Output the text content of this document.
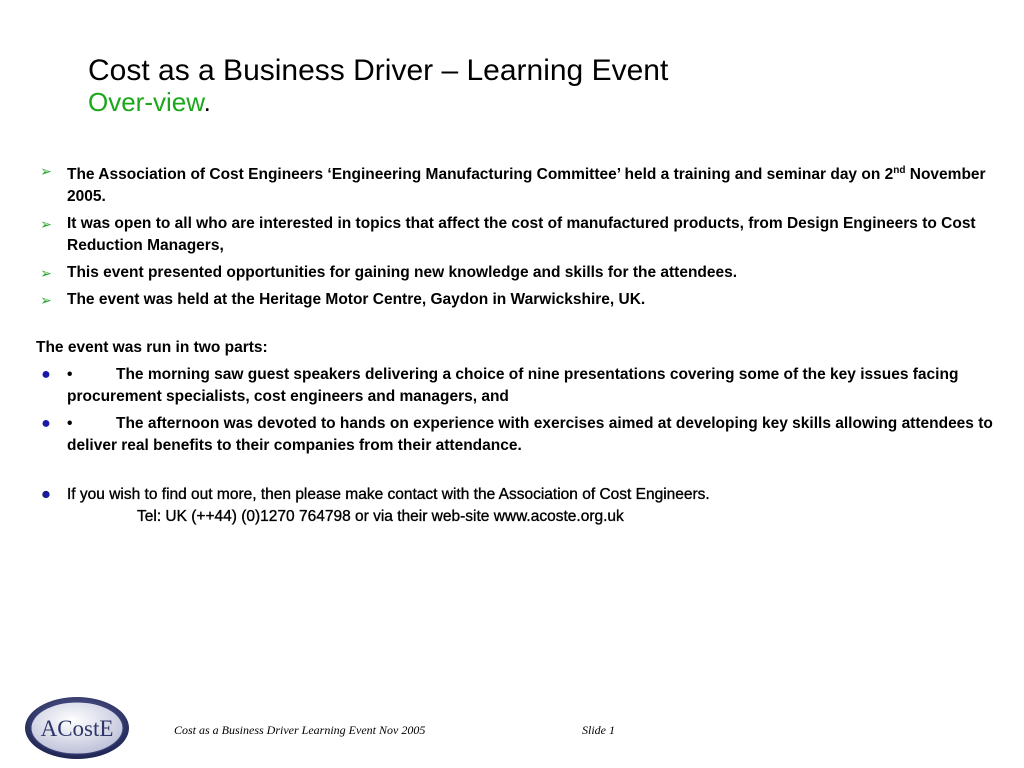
Cost as a Business Driver – Learning Event
Over-view.
➢ The Association of Cost Engineers ‘Engineering Manufacturing Committee’ held a training and seminar day on 2nd November 2005.
➢ It was open to all who are interested in topics that affect the cost of manufactured products, from Design Engineers to Cost Reduction Managers,
➢ This event presented opportunities for gaining new knowledge and skills for the attendees.
➢ The event was held at the Heritage Motor Centre, Gaydon in Warwickshire, UK.
The event was run in two parts:
● •	The morning saw guest speakers delivering a choice of nine presentations covering some of the key issues facing procurement specialists, cost engineers and managers, and
● •	The afternoon was devoted to hands on experience with exercises aimed at developing key skills allowing attendees to deliver real benefits to their companies from their attendance.
● If you wish to find out more, then please make contact with the Association of Cost Engineers.
Tel: UK (++44) (0)1270 764798 or via their web-site www.acoste.org.uk
ACostE	Cost as a Business Driver Learning Event Nov 2005	Slide 1
